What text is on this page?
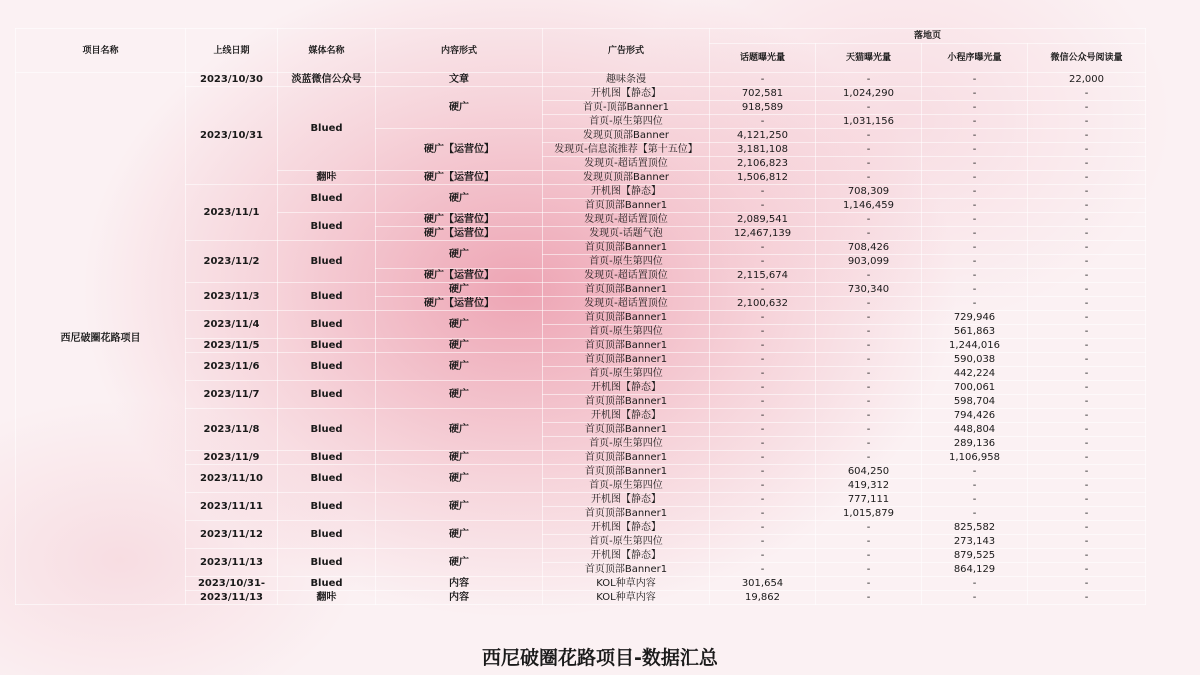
项目名称	上线日期	媒体名称	内容形式	广告形式	落地页			
					话题曝光量	天猫曝光量	小程序曝光量	微信公众号阅读量
西尼破圈花路项目	2023/10/30	淡蓝微信公众号	文章	趣味条漫	-	-	-	22,000
	2023/10/31	Blued	硬广	开机图【静态】	702,581	1,024,290	-	-
				首页-顶部Banner1	918,589	-	-	-
				首页-原生第四位	-	1,031,156	-	-
			硬广【运营位】	发现页顶部Banner	4,121,250	-	-	-
				发现页-信息流推荐【第十五位】	3,181,108	-	-	-
				发现页-超话置顶位	2,106,823	-	-	-
		翻咔	硬广【运营位】	发现页顶部Banner	1,506,812	-	-	-
	2023/11/1	Blued	硬广	开机图【静态】	-	708,309	-	-
				首页顶部Banner1	-	1,146,459	-	-
		Blued	硬广【运营位】	发现页-超话置顶位	2,089,541	-	-	-
			硬广【运营位】	发现页-话题气泡	12,467,139	-	-	-
	2023/11/2	Blued	硬广	首页顶部Banner1	-	708,426	-	-
				首页-原生第四位	-	903,099	-	-
			硬广【运营位】	发现页-超话置顶位	2,115,674	-	-	-
	2023/11/3	Blued	硬广	首页顶部Banner1	-	730,340	-	-
			硬广【运营位】	发现页-超话置顶位	2,100,632	-	-	-
	2023/11/4	Blued	硬广	首页顶部Banner1	-	-	729,946	-
				首页-原生第四位	-	-	561,863	-
	2023/11/5	Blued	硬广	首页顶部Banner1	-	-	1,244,016	-
	2023/11/6	Blued	硬广	首页顶部Banner1	-	-	590,038	-
				首页-原生第四位	-	-	442,224	-
	2023/11/7	Blued	硬广	开机图【静态】	-	-	700,061	-
				首页顶部Banner1	-	-	598,704	-
	2023/11/8	Blued	硬广	开机图【静态】	-	-	794,426	-
				首页顶部Banner1	-	-	448,804	-
				首页-原生第四位	-	-	289,136	-
	2023/11/9	Blued	硬广	首页顶部Banner1	-	-	1,106,958	-
	2023/11/10	Blued	硬广	首页顶部Banner1	-	604,250	-	-
				首页-原生第四位	-	419,312	-	-
	2023/11/11	Blued	硬广	开机图【静态】	-	777,111	-	-
				首页顶部Banner1	-	1,015,879	-	-
	2023/11/12	Blued	硬广	开机图【静态】	-	-	825,582	-
				首页-原生第四位	-	-	273,143	-
	2023/11/13	Blued	硬广	开机图【静态】	-	-	879,525	-
				首页顶部Banner1	-	-	864,129	-
	2023/10/31-	Blued	内容	KOL种草内容	301,654	-	-	-
	2023/11/13	翻咔	内容	KOL种草内容	19,862	-	-	-
西尼破圈花路项目-数据汇总
